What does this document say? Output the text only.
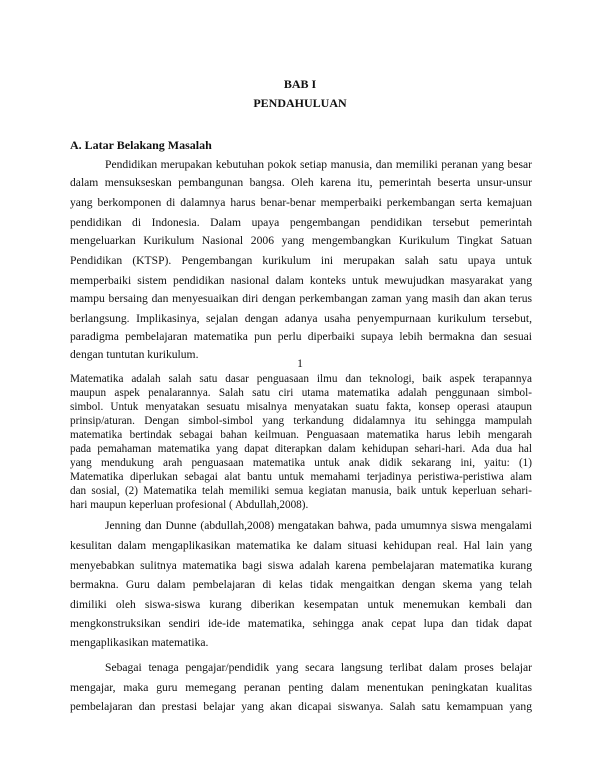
BAB I
PENDAHULUAN
A. Latar Belakang Masalah
Pendidikan merupakan kebutuhan pokok setiap manusia, dan memiliki peranan yang besar
dalam mensukseskan pembangunan bangsa. Oleh karena itu, pemerintah beserta unsur-unsur
yang berkomponen di dalamnya harus benar-benar memperbaiki perkembangan serta kemajuan
pendidikan di Indonesia. Dalam upaya pengembangan pendidikan tersebut pemerintah
mengeluarkan Kurikulum Nasional 2006 yang mengembangkan Kurikulum Tingkat Satuan
Pendidikan (KTSP). Pengembangan kurikulum ini merupakan salah satu upaya untuk
memperbaiki sistem pendidikan nasional dalam konteks untuk mewujudkan masyarakat yang
mampu bersaing dan menyesuaikan diri dengan perkembangan zaman yang masih dan akan terus
berlangsung. Implikasinya, sejalan dengan adanya usaha penyempurnaan kurikulum tersebut,
paradigma pembelajaran matematika pun perlu diperbaiki supaya lebih bermakna dan sesuai
dengan tuntutan kurikulum.
1
Matematika adalah salah satu dasar penguasaan ilmu dan teknologi, baik aspek terapannya
maupun aspek penalarannya. Salah satu ciri utama matematika adalah penggunaan simbol-
simbol. Untuk menyatakan sesuatu misalnya menyatakan suatu fakta, konsep operasi ataupun
prinsip/aturan. Dengan simbol-simbol yang terkandung didalamnya itu sehingga mampulah
matematika bertindak sebagai bahan keilmuan. Penguasaan matematika harus lebih mengarah
pada pemahaman matematika yang dapat diterapkan dalam kehidupan sehari-hari. Ada dua hal
yang mendukung arah penguasaan matematika untuk anak didik sekarang ini, yaitu: (1)
Matematika diperlukan sebagai alat bantu untuk memahami terjadinya peristiwa-peristiwa alam
dan sosial, (2) Matematika telah memiliki semua kegiatan manusia, baik untuk keperluan sehari-
hari maupun keperluan profesional ( Abdullah,2008).
Jenning dan Dunne (abdullah,2008) mengatakan bahwa, pada umumnya siswa mengalami
kesulitan dalam mengaplikasikan matematika ke dalam situasi kehidupan real. Hal lain yang
menyebabkan sulitnya matematika bagi siswa adalah karena pembelajaran matematika kurang
bermakna. Guru dalam pembelajaran di kelas tidak mengaitkan dengan skema yang telah
dimiliki oleh siswa-siswa kurang diberikan kesempatan untuk menemukan kembali dan
mengkonstruksikan sendiri ide-ide matematika, sehingga anak cepat lupa dan tidak dapat
mengaplikasikan matematika.
Sebagai tenaga pengajar/pendidik yang secara langsung terlibat dalam proses belajar
mengajar, maka guru memegang peranan penting dalam menentukan peningkatan kualitas
pembelajaran dan prestasi belajar yang akan dicapai siswanya. Salah satu kemampuan yang
